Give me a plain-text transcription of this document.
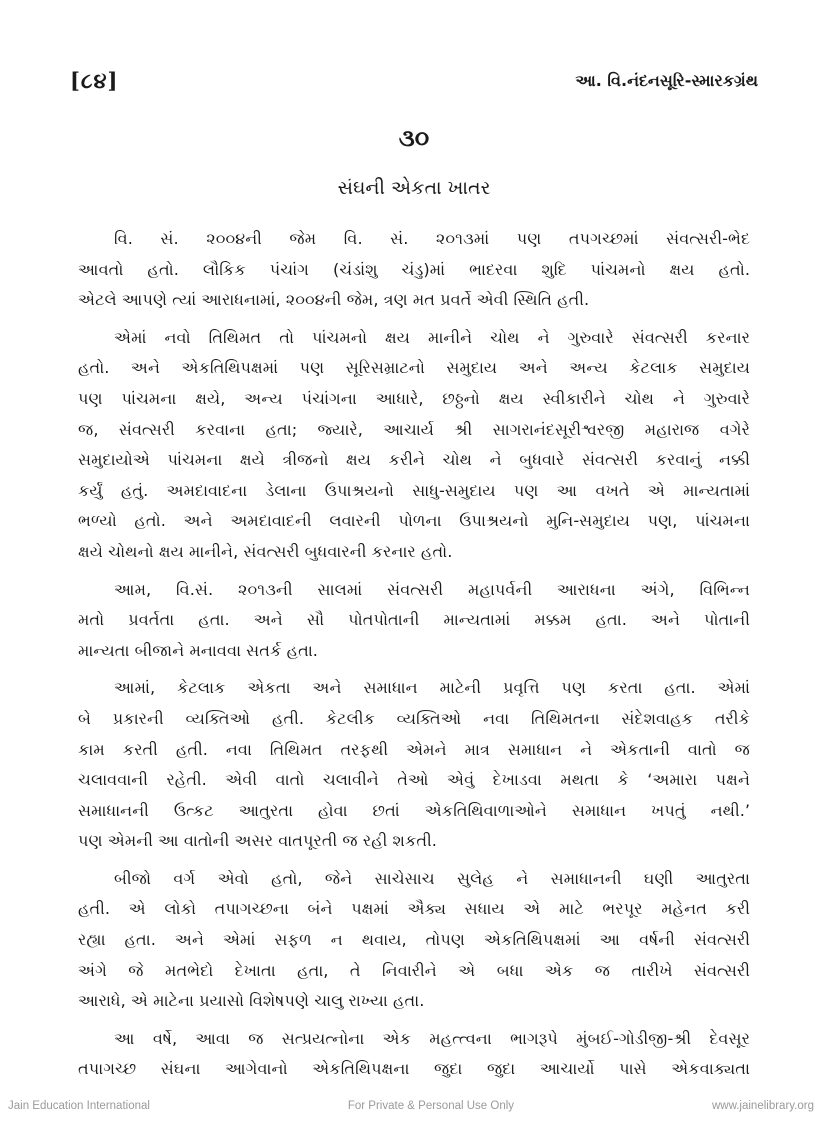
[૮૪]	આ. વિ.નંદનસૂરિ-સ્મારકગ્રંથ
૩૦
સંઘની એકતા ખાતર

વિ. સં. ૨૦૦૪ની જેમ વિ. સં. ૨૦૧૩માં પણ તપગચ્છમાં સંવત્સરી-ભેદ
આવતો હતો. લૌકિક પંચાંગ (ચંડાંશુ ચંડુ)માં ભાદરવા શુદિ પાંચમનો ક્ષય હતો.
એટલે આપણે ત્યાં આરાધનામાં, ૨૦૦૪ની જેમ, ત્રણ મત પ્રવર્તે એવી સ્થિતિ હતી.

એમાં નવો તિથિમત તો પાંચમનો ક્ષય માનીને ચોથ ને ગુરુવારે સંવત્સરી કરનાર
હતો. અને એકતિથિપક્ષમાં પણ સૂરિસમ્રાટનો સમુદાય અને અન્ય કેટલાક સમુદાય
પણ પાંચમના ક્ષયે, અન્ય પંચાંગના આધારે, છઠ્ઠનો ક્ષય સ્વીકારીને ચોથ ને ગુરુવારે
જ, સંવત્સરી કરવાના હતા; જ્યારે, આચાર્ય શ્રી સાગરાનંદસૂરીશ્વરજી મહારાજ વગેરે
સમુદાયોએ પાંચમના ક્ષયે ત્રીજનો ક્ષય કરીને ચોથ ને બુધવારે સંવત્સરી કરવાનું નક્કી
કર્યું હતું. અમદાવાદના ડેલાના ઉપાશ્રયનો સાધુ-સમુદાય પણ આ વખતે એ માન્યતામાં
ભળ્યો હતો. અને અમદાવાદની લવારની પોળના ઉપાશ્રયનો મુનિ-સમુદાય પણ, પાંચમના
ક્ષયે ચોથનો ક્ષય માનીને, સંવત્સરી બુધવારની કરનાર હતો.

આમ, વિ.સં. ૨૦૧૩ની સાલમાં સંવત્સરી મહાપર્વની આરાધના અંગે, વિભિન્ન
મતો પ્રવર્તતા હતા. અને સૌ પોતપોતાની માન્યતામાં મક્કમ હતા. અને પોતાની
માન્યતા બીજાને મનાવવા સતર્ક હતા.

આમાં, કેટલાક એકતા અને સમાધાન માટેની પ્રવૃત્તિ પણ કરતા હતા. એમાં
બે પ્રકારની વ્યક્તિઓ હતી. કેટલીક વ્યક્તિઓ નવા તિથિમતના સંદેશવાહક તરીકે
કામ કરતી હતી. નવા તિથિમત તરફથી એમને માત્ર સમાધાન ને એકતાની વાતો જ
ચલાવવાની રહેતી. એવી વાતો ચલાવીને તેઓ એવું દેખાડવા મથતા કે ‘અમારા પક્ષને
સમાધાનની ઉત્કટ આતુરતા હોવા છતાં એકતિથિવાળાઓને સમાધાન ખપતું નથી.’
પણ એમની આ વાતોની અસર વાતપૂરતી જ રહી શકતી.

બીજો વર્ગ એવો હતો, જેને સાચેસાચ સુલેહ ને સમાધાનની ઘણી આતુરતા
હતી. એ લોકો તપાગચ્છના બંને પક્ષમાં ઐક્ય સધાય એ માટે ભરપૂર મહેનત કરી
રહ્યા હતા. અને એમાં સફળ ન થવાય, તોપણ એકતિથિપક્ષમાં આ વર્ષની સંવત્સરી
અંગે જે મતભેદો દેખાતા હતા, તે નિવારીને એ બધા એક જ તારીખે સંવત્સરી
આરાધે, એ માટેના પ્રયાસો વિશેષપણે ચાલુ રાખ્યા હતા.

આ વર્ષે, આવા જ સત્પ્રયત્નોના એક મહત્ત્વના ભાગરૂપે મુંબઈ-ગોડીજી-શ્રી દેવસૂર
તપાગચ્છ સંઘના આગેવાનો એકતિથિપક્ષના જુદા જુદા આચાર્યો પાસે એકવાક્યતા

Jain Education International	For Private & Personal Use Only	www.jainelibrary.org
